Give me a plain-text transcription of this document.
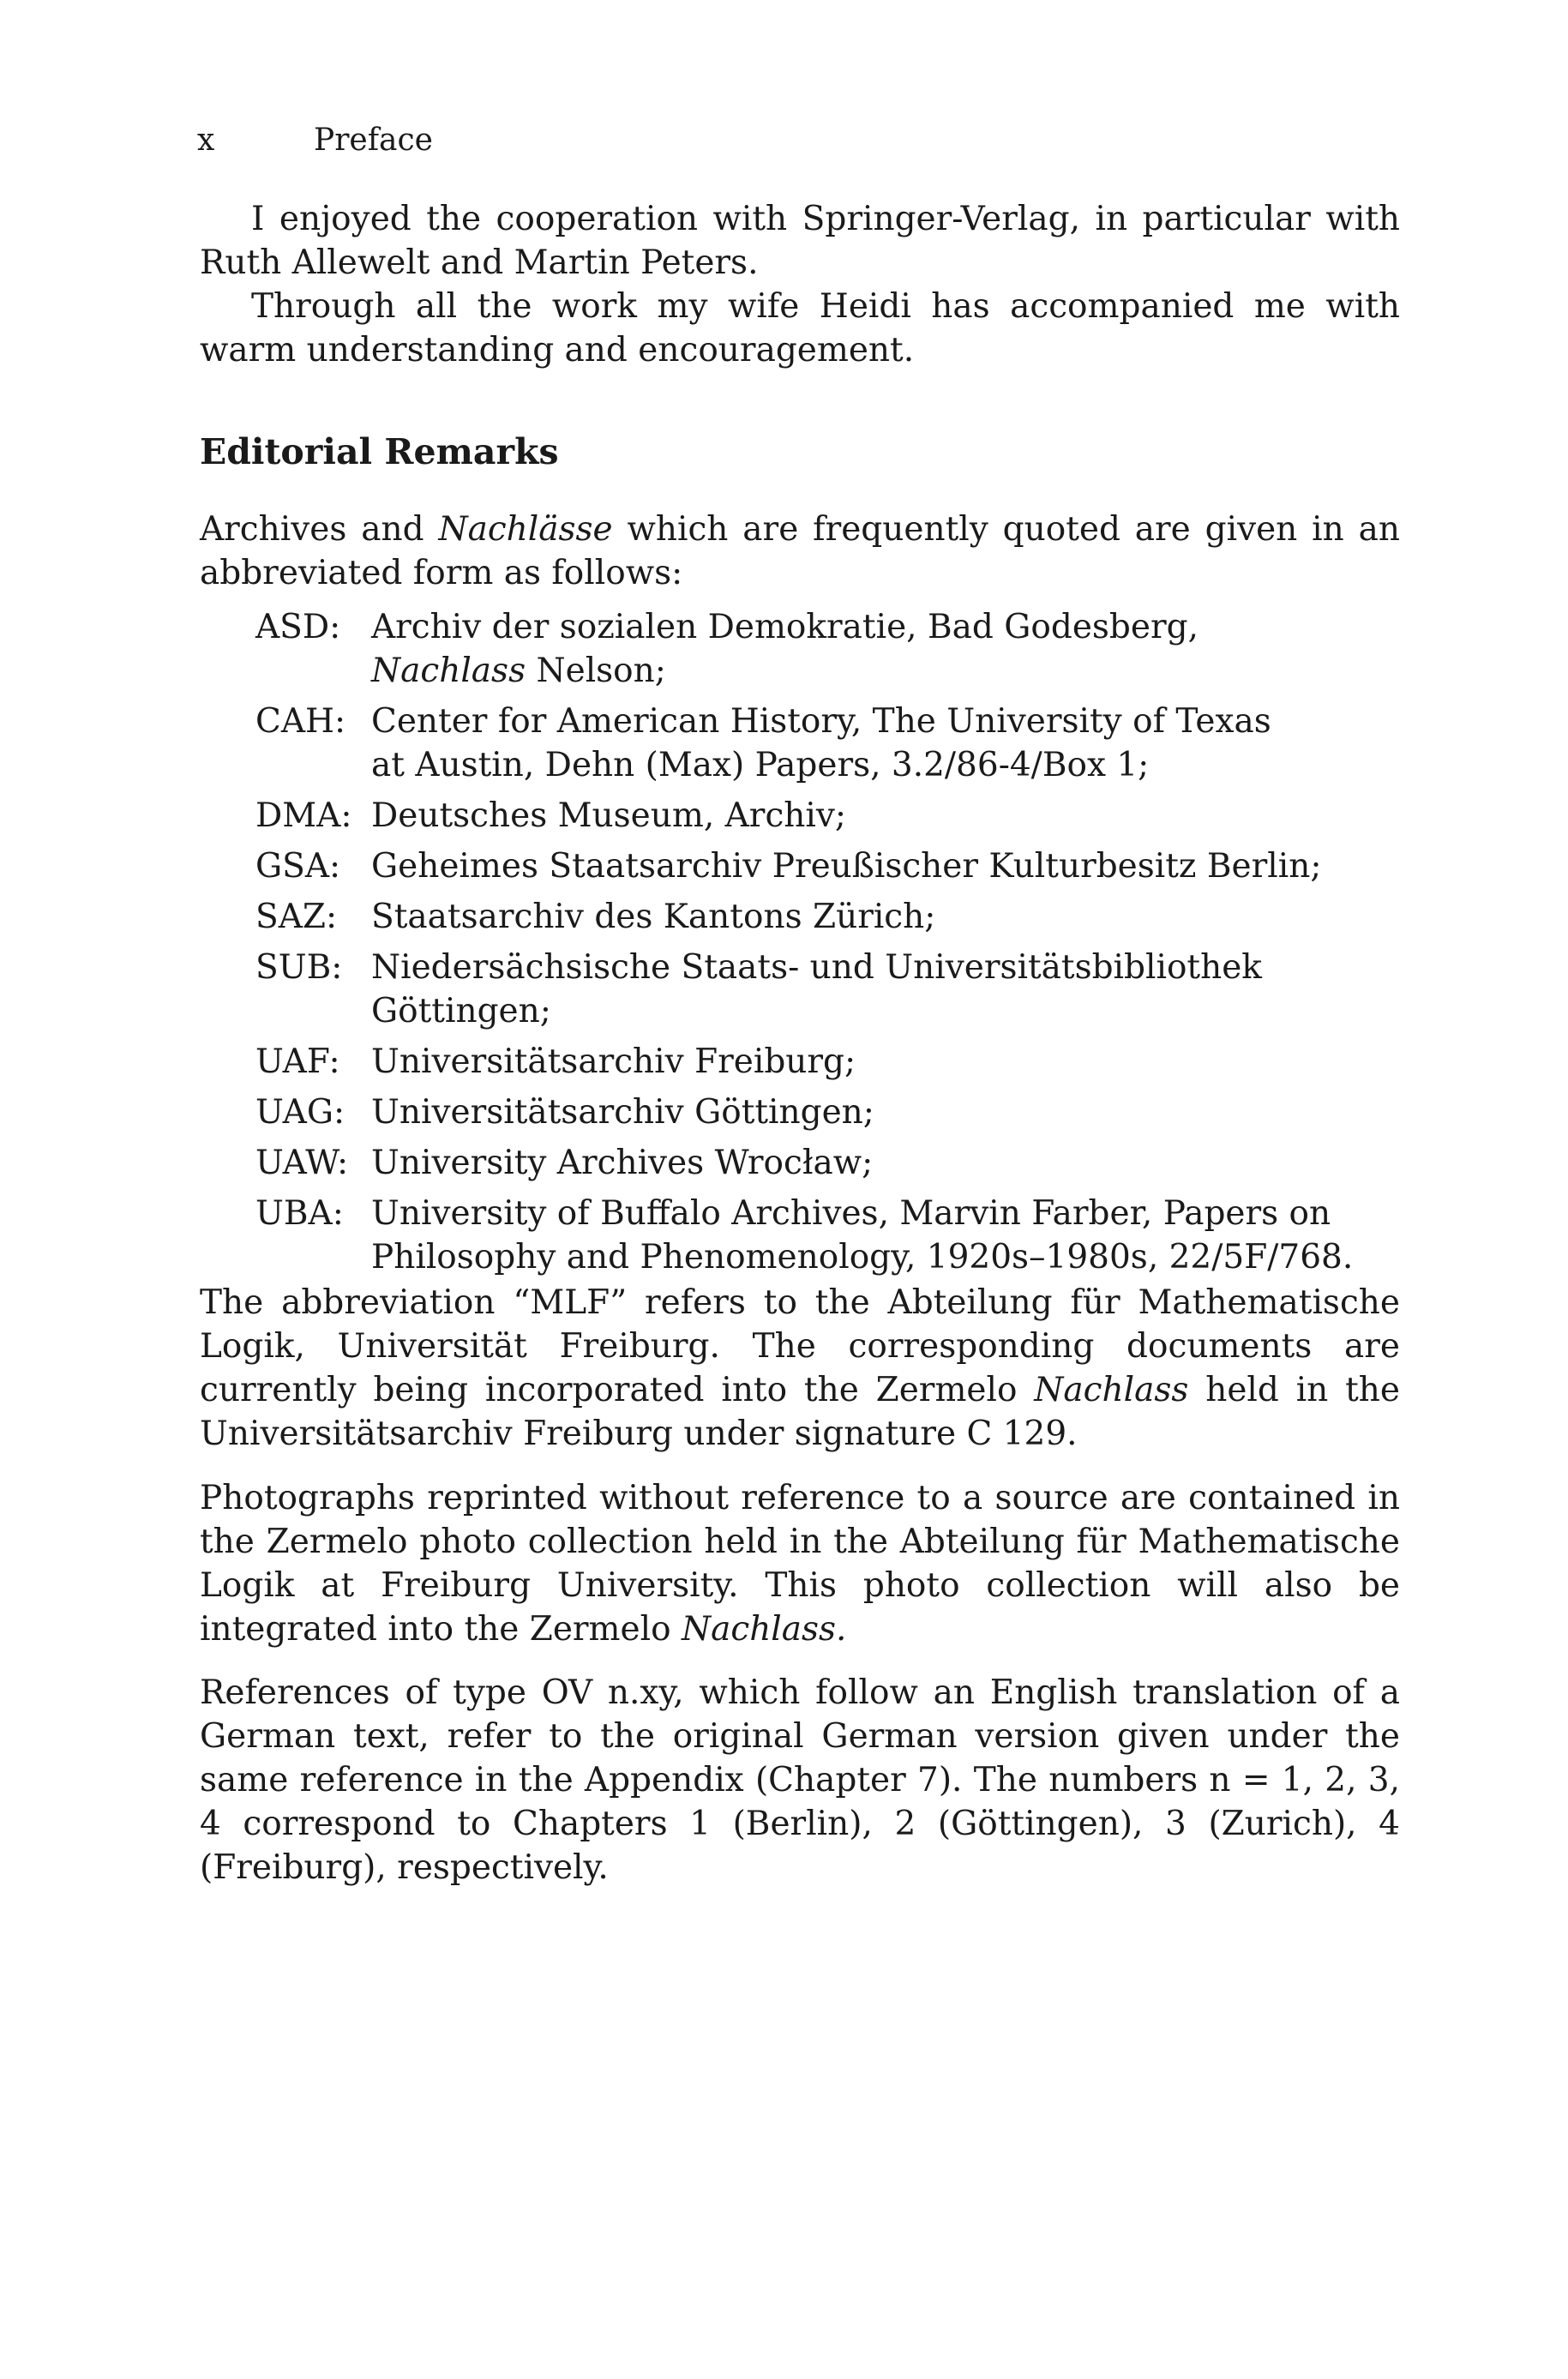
x	Preface

I enjoyed the cooperation with Springer-Verlag, in particular with Ruth Allewelt and Martin Peters.

Through all the work my wife Heidi has accompanied me with warm understanding and encouragement.

Editorial Remarks

Archives and Nachlässe which are frequently quoted are given in an abbreviated form as follows:

ASD: Archiv der sozialen Demokratie, Bad Godesberg,
Nachlass Nelson;
CAH: Center for American History, The University of Texas
at Austin, Dehn (Max) Papers, 3.2/86-4/Box 1;
DMA: Deutsches Museum, Archiv;
GSA: Geheimes Staatsarchiv Preußischer Kulturbesitz Berlin;
SAZ:	Staatsarchiv des Kantons Zürich;
SUB: Niedersächsische Staats- und Universitätsbibliothek Göttingen;
UAF: Universitätsarchiv Freiburg;
UAG: Universitätsarchiv Göttingen;
UAW: University Archives Wrocław;
UBA: University of Buffalo Archives, Marvin Farber, Papers on
Philosophy and Phenomenology, 1920s–1980s, 22/5F/768.

The abbreviation “MLF” refers to the Abteilung für Mathematische Logik, Universität Freiburg. The corresponding documents are currently being incorporated into the Zermelo Nachlass held in the Universitätsarchiv Freiburg under signature C 129.

Photographs reprinted without reference to a source are contained in the Zermelo photo collection held in the Abteilung für Mathematische Logik at Freiburg University. This photo collection will also be integrated into the Zermelo Nachlass.

References of type OV n.xy, which follow an English translation of a German text, refer to the original German version given under the same reference in the Appendix (Chapter 7). The numbers n = 1, 2, 3, 4 correspond to Chapters 1 (Berlin), 2 (Göttingen), 3 (Zurich), 4 (Freiburg), respectively.
